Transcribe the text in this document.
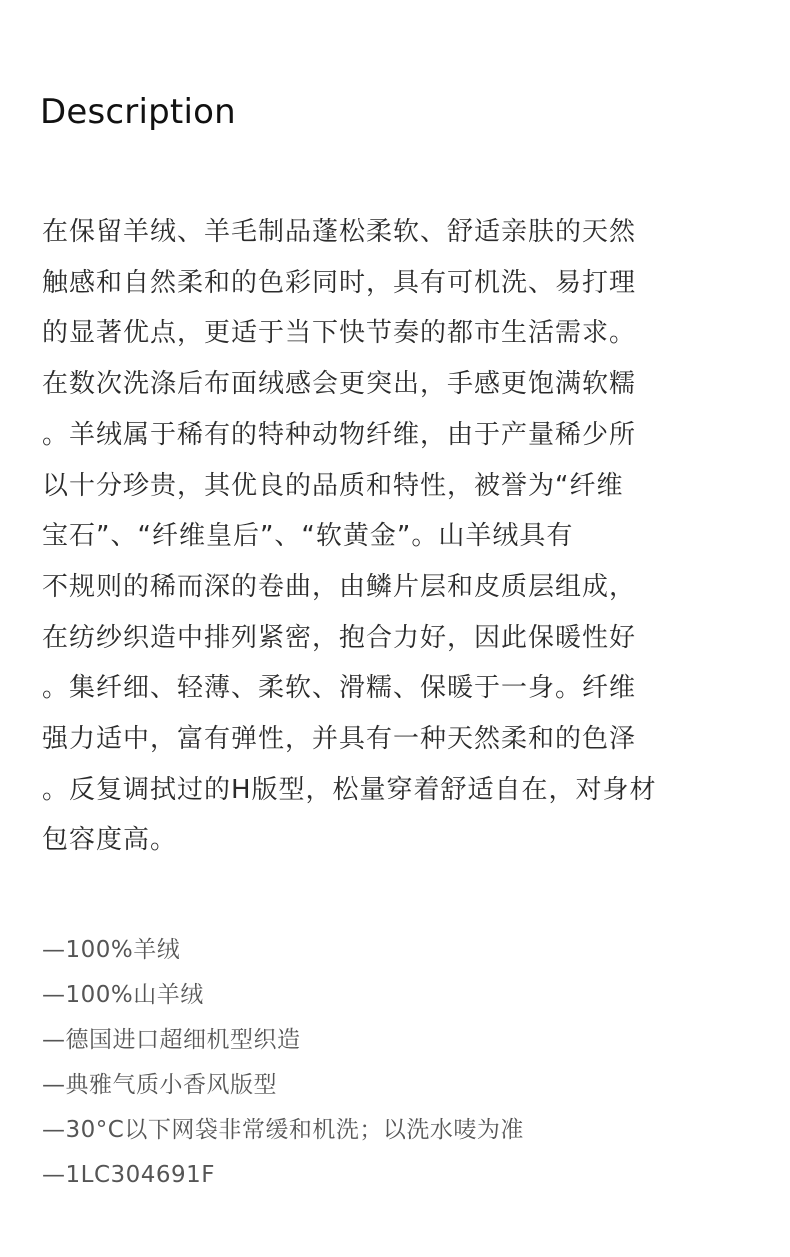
Description
在保留羊绒、羊毛制品蓬松柔软、舒适亲肤的天然
触感和自然柔和的色彩同时，具有可机洗、易打理
的显著优点，更适于当下快节奏的都市生活需求。
在数次洗涤后布面绒感会更突出，手感更饱满软糯
。羊绒属于稀有的特种动物纤维，由于产量稀少所
以十分珍贵，其优良的品质和特性，被誉为“纤维
宝石”、“纤维皇后”、“软黄金”。山羊绒具有
不规则的稀而深的卷曲，由鳞片层和皮质层组成，
在纺纱织造中排列紧密，抱合力好，因此保暖性好
。集纤细、轻薄、柔软、滑糯、保暖于一身。纤维
强力适中，富有弹性，并具有一种天然柔和的色泽
。反复调拭过的H版型，松量穿着舒适自在，对身材
包容度高。
—100%羊绒
—100%山羊绒
—德国进口超细机型织造
—典雅气质小香风版型
—30°C以下网袋非常缓和机洗；以洗水唛为准
—1LC304691F
